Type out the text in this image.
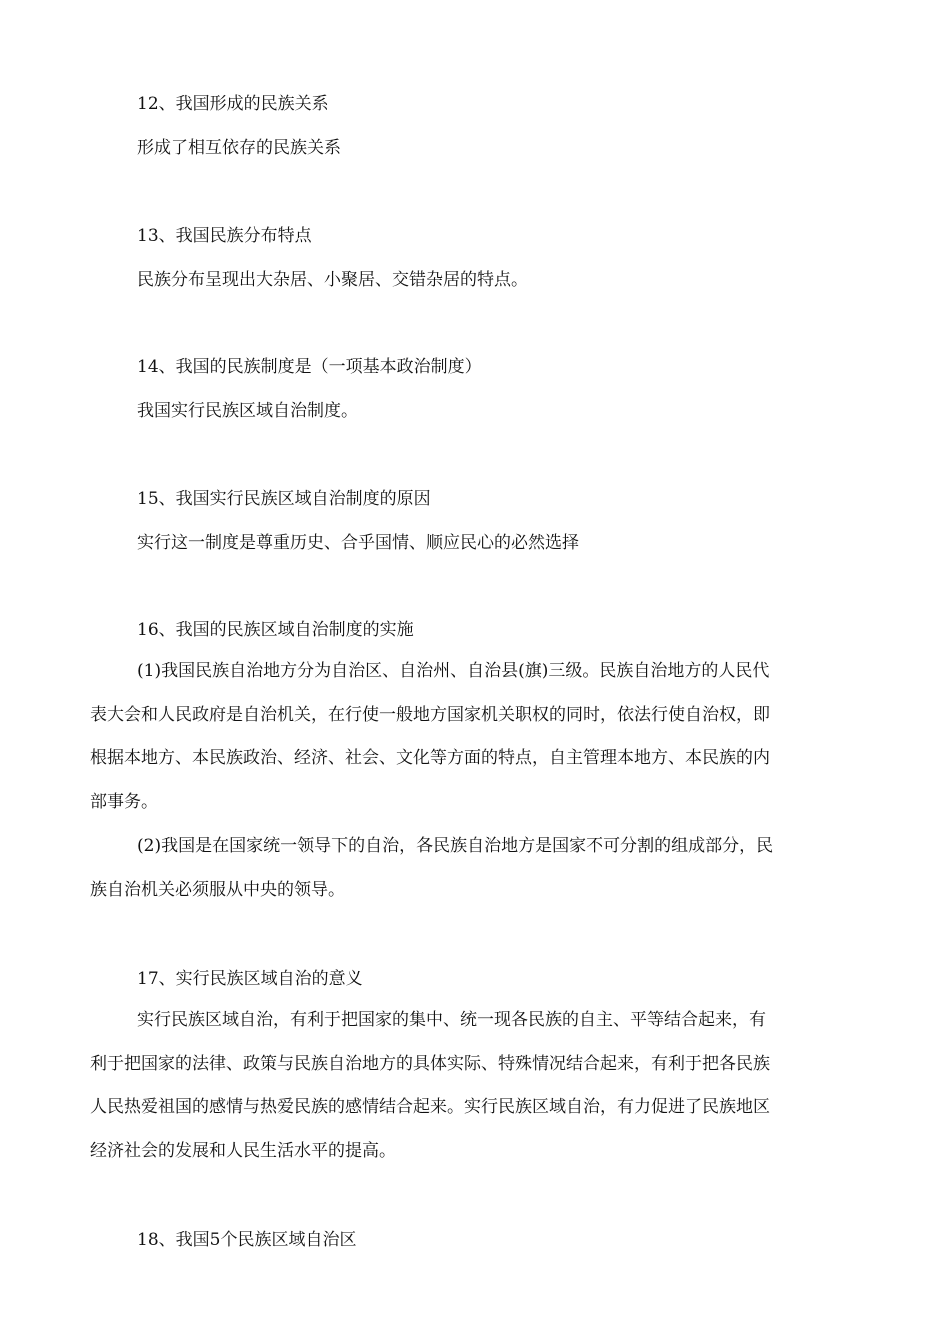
12、我国形成的民族关系
形成了相互依存的民族关系
13、我国民族分布特点
民族分布呈现出大杂居、小聚居、交错杂居的特点。
14、我国的民族制度是（一项基本政治制度）
我国实行民族区域自治制度。
15、我国实行民族区域自治制度的原因
实行这一制度是尊重历史、合乎国情、顺应民心的必然选择
16、我国的民族区域自治制度的实施

(1)我国民族自治地方分为自治区、自治州、自治县(旗)三级。民族自治地方的人民代
表大会和人民政府是自治机关，在行使一般地方国家机关职权的同时，依法行使自治权，即
根据本地方、本民族政治、经济、社会、文化等方面的特点，自主管理本地方、本民族的内
部事务。

(2)我国是在国家统一领导下的自治，各民族自治地方是国家不可分割的组成部分，民
族自治机关必须服从中央的领导。

17、实行民族区域自治的意义

实行民族区域自治，有利于把国家的集中、统一现各民族的自主、平等结合起来，有
利于把国家的法律、政策与民族自治地方的具体实际、特殊情况结合起来，有利于把各民族
人民热爱祖国的感情与热爱民族的感情结合起来。实行民族区域自治，有力促进了民族地区
经济社会的发展和人民生活水平的提高。

18、我国5个民族区域自治区
